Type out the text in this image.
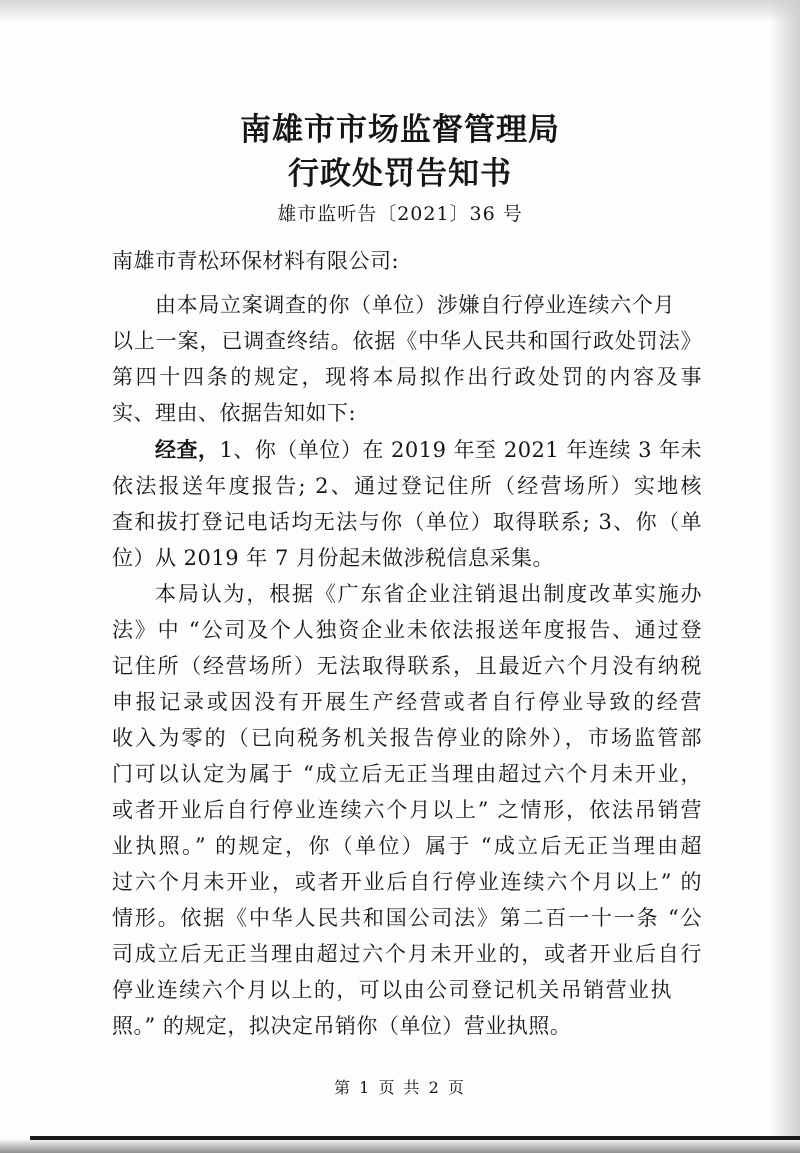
南雄市市场监督管理局
行政处罚告知书
雄市监听告〔2021〕36 号
南雄市青松环保材料有限公司:
由本局立案调查的你（单位）涉嫌自行停业连续六个月
以上一案，已调查终结。依据《中华人民共和国行政处罚法》
第四十四条的规定，现将本局拟作出行政处罚的内容及事
实、理由、依据告知如下:
经查，1、你（单位）在 2019 年至 2021 年连续 3 年未
依法报送年度报告; 2、通过登记住所（经营场所）实地核
查和拔打登记电话均无法与你（单位）取得联系; 3、你（单
位）从 2019 年 7 月份起未做涉税信息采集。
本局认为，根据《广东省企业注销退出制度改革实施办
法》中 “公司及个人独资企业未依法报送年度报告、通过登
记住所（经营场所）无法取得联系，且最近六个月没有纳税
申报记录或因没有开展生产经营或者自行停业导致的经营
收入为零的（已向税务机关报告停业的除外），市场监管部
门可以认定为属于 “成立后无正当理由超过六个月未开业，
或者开业后自行停业连续六个月以上” 之情形，依法吊销营
业执照。” 的规定，你（单位）属于 “成立后无正当理由超
过六个月未开业，或者开业后自行停业连续六个月以上” 的
情形。依据《中华人民共和国公司法》第二百一十一条 “公
司成立后无正当理由超过六个月未开业的，或者开业后自行
停业连续六个月以上的，可以由公司登记机关吊销营业执
照。” 的规定，拟决定吊销你（单位）营业执照。
第 1 页 共 2 页
